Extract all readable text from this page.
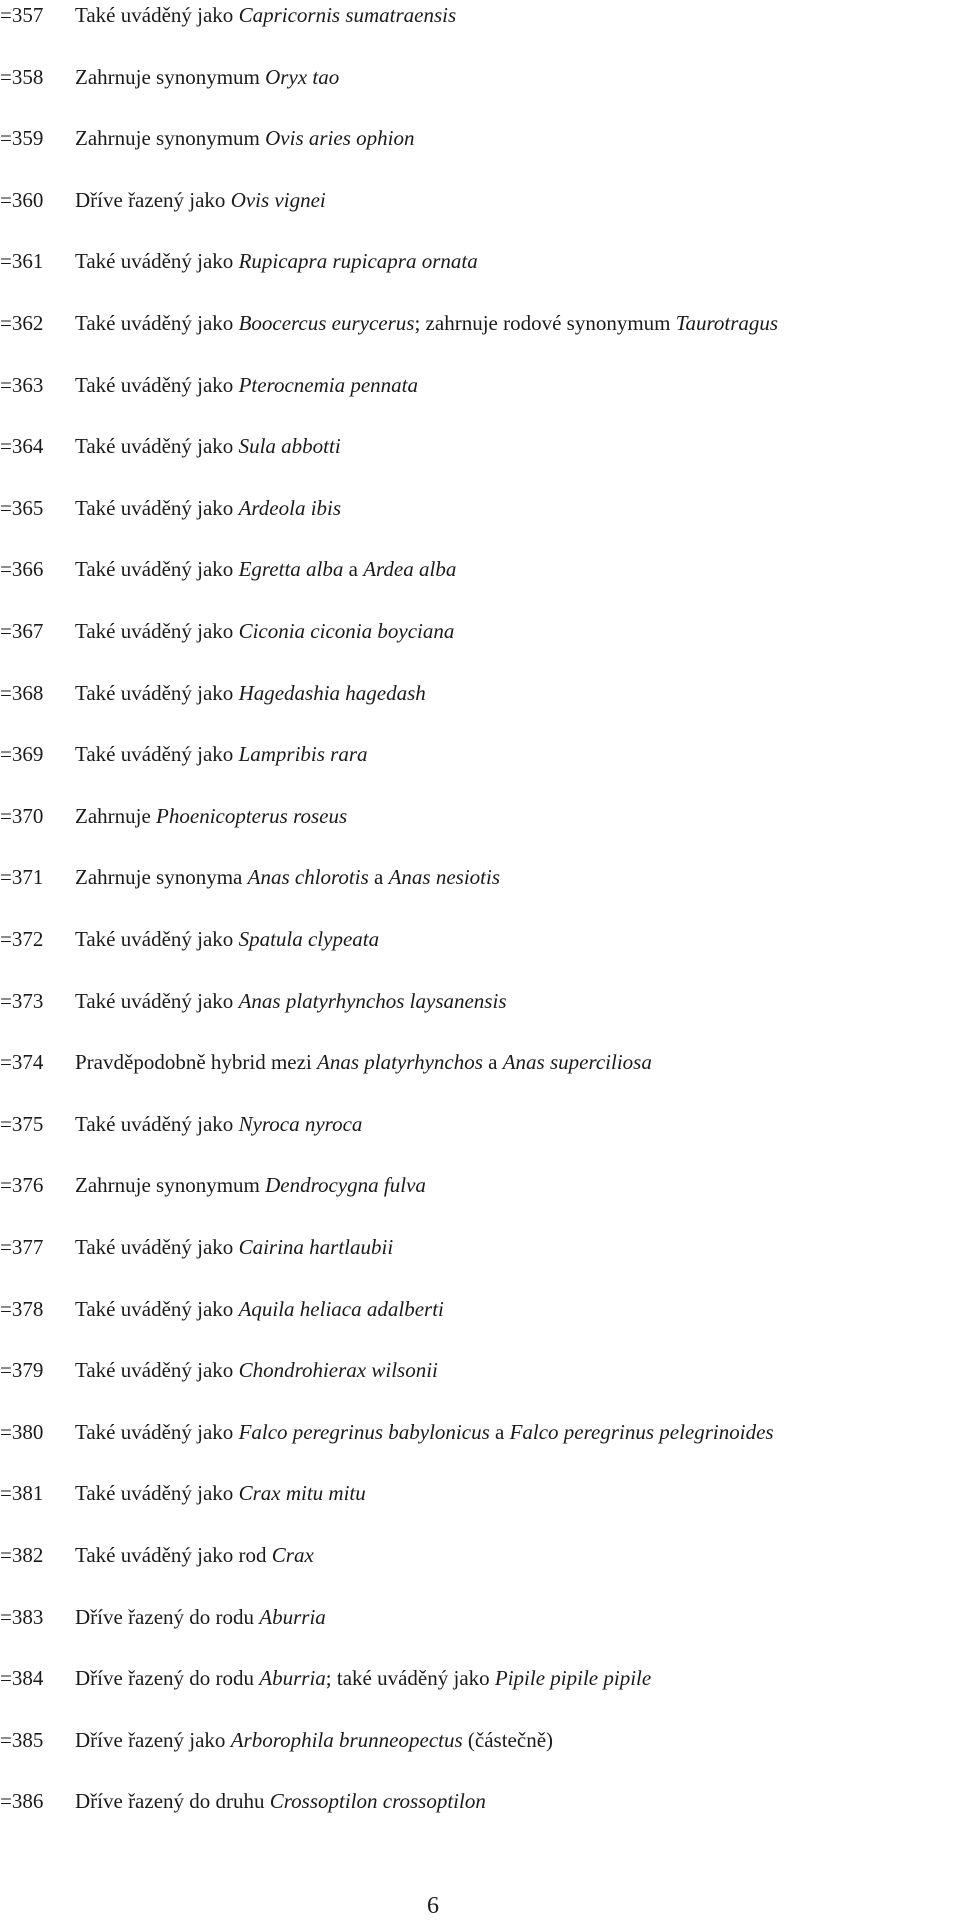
=357 Také uváděný jako Capricornis sumatraensis
=358 Zahrnuje synonymum Oryx tao
=359 Zahrnuje synonymum Ovis aries ophion
=360 Dříve řazený jako Ovis vignei
=361 Také uváděný jako Rupicapra rupicapra ornata
=362 Také uváděný jako Boocercus eurycerus; zahrnuje rodové synonymum Taurotragus
=363 Také uváděný jako Pterocnemia pennata
=364 Také uváděný jako Sula abbotti
=365 Také uváděný jako Ardeola ibis
=366 Také uváděný jako Egretta alba a Ardea alba
=367 Také uváděný jako Ciconia ciconia boyciana
=368 Také uváděný jako Hagedashia hagedash
=369 Také uváděný jako Lampribis rara
=370 Zahrnuje Phoenicopterus roseus
=371 Zahrnuje synonyma Anas chlorotis a Anas nesiotis
=372 Také uváděný jako Spatula clypeata
=373 Také uváděný jako Anas platyrhynchos laysanensis
=374 Pravděpodobně hybrid mezi Anas platyrhynchos a Anas superciliosa
=375 Také uváděný jako Nyroca nyroca
=376 Zahrnuje synonymum Dendrocygna fulva
=377 Také uváděný jako Cairina hartlaubii
=378 Také uváděný jako Aquila heliaca adalberti
=379 Také uváděný jako Chondrohierax wilsonii
=380 Také uváděný jako Falco peregrinus babylonicus a Falco peregrinus pelegrinoides
=381 Také uváděný jako Crax mitu mitu
=382 Také uváděný jako rod Crax
=383 Dříve řazený do rodu Aburria
=384 Dříve řazený do rodu Aburria; také uváděný jako Pipile pipile pipile
=385 Dříve řazený jako Arborophila brunneopectus (částečně)
=386 Dříve řazený do druhu Crossoptilon crossoptilon
6
